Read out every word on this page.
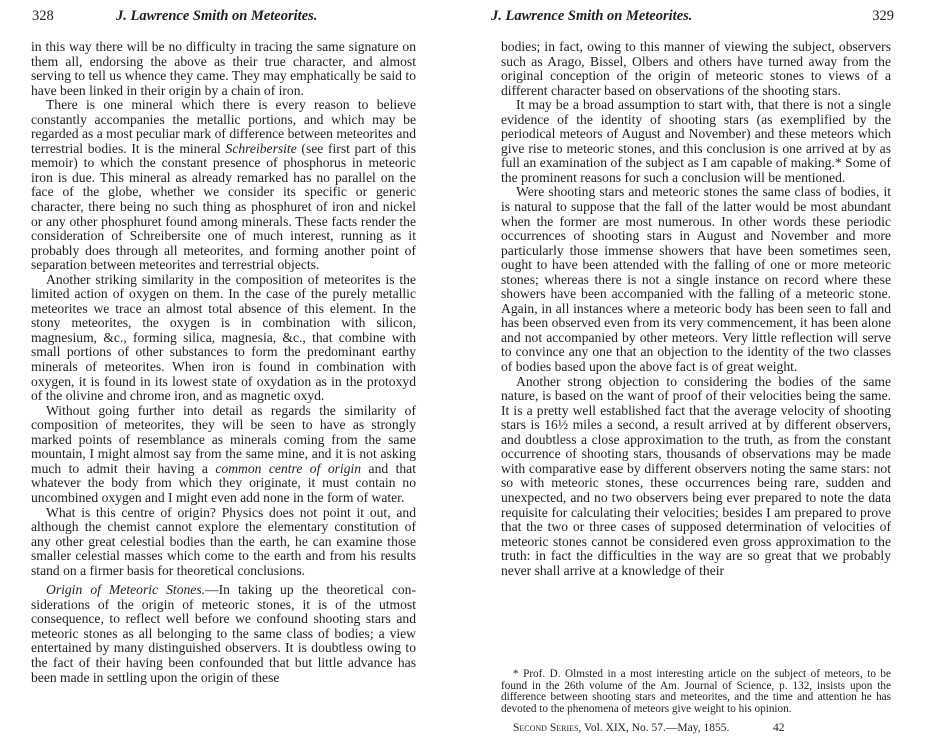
328	J. Lawrence Smith on Meteorites.

in this way there will be no difficulty in tracing the same signature on them all, endorsing the above as their true character, and almost serving to tell us whence they came. They may emphatically be said to have been linked in their origin by a chain of iron.

There is one mineral which there is every reason to believe constantly accompanies the metallic portions, and which may be regarded as a most peculiar mark of difference between meteorites and terrestrial bodies. It is the mineral Schreibersite (see first part of this memoir) to which the constant presence of phosphorus in meteoric iron is due. This mineral as already remarked has no parallel on the face of the globe, whether we consider its specific or generic character, there being no such thing as phosphuret of iron and nickel or any other phosphuret found among minerals. These facts render the consideration of Schreibersite one of much interest, running as it probably does through all meteorites, and forming another point of separation between meteorites and terrestrial objects.

Another striking similarity in the composition of meteorites is the limited action of oxygen on them. In the case of the purely metallic meteorites we trace an almost total absence of this element. In the stony meteorites, the oxygen is in combination with silicon, magnesium, &c., forming silica, magnesia, &c., that combine with small portions of other substances to form the predominant earthy minerals of meteorites. When iron is found in combination with oxygen, it is found in its lowest state of oxydation as in the protoxyd of the olivine and chrome iron, and as magnetic oxyd.

Without going further into detail as regards the similarity of composition of meteorites, they will be seen to have as strongly marked points of resemblance as minerals coming from the same mountain, I might almost say from the same mine, and it is not asking much to admit their having a common centre of origin and that whatever the body from which they originate, it must contain no uncombined oxygen and I might even add none in the form of water.

What is this centre of origin? Physics does not point it out, and although the chemist cannot explore the elementary constitution of any other great celestial bodies than the earth, he can examine those smaller celestial masses which come to the earth and from his results stand on a firmer basis for theoretical conclusions.

Origin of Meteoric Stones.—In taking up the theoretical considerations of the origin of meteoric stones, it is of the utmost consequence, to reflect well before we confound shooting stars and meteoric stones as all belonging to the same class of bodies; a view entertained by many distinguished observers. It is doubtless owing to the fact of their having been confounded that but little advance has been made in settling upon the origin of these

J. Lawrence Smith on Meteorites.	329

bodies; in fact, owing to this manner of viewing the subject, observers such as Arago, Bissel, Olbers and others have turned away from the original conception of the origin of meteoric stones to views of a different character based on observations of the shooting stars.

It may be a broad assumption to start with, that there is not a single evidence of the identity of shooting stars (as exemplified by the periodical meteors of August and November) and these meteors which give rise to meteoric stones, and this conclusion is one arrived at by as full an examination of the subject as I am capable of making.* Some of the prominent reasons for such a conclusion will be mentioned.

Were shooting stars and meteoric stones the same class of bodies, it is natural to suppose that the fall of the latter would be most abundant when the former are most numerous. In other words these periodic occurrences of shooting stars in August and November and more particularly those immense showers that have been sometimes seen, ought to have been attended with the falling of one or more meteoric stones; whereas there is not a single instance on record where these showers have been accompanied with the falling of a meteoric stone. Again, in all instances where a meteoric body has been seen to fall and has been observed even from its very commencement, it has been alone and not accompanied by other meteors. Very little reflection will serve to convince any one that an objection to the identity of the two classes of bodies based upon the above fact is of great weight.

Another strong objection to considering the bodies of the same nature, is based on the want of proof of their velocities being the same. It is a pretty well established fact that the average velocity of shooting stars is 16½ miles a second, a result arrived at by different observers, and doubtless a close approximation to the truth, as from the constant occurrence of shooting stars, thousands of observations may be made with comparative ease by different observers noting the same stars: not so with meteoric stones, these occurrences being rare, sudden and unexpected, and no two observers being ever prepared to note the data requisite for calculating their velocities; besides I am prepared to prove that the two or three cases of supposed determination of velocities of meteoric stones cannot be considered even gross approximation to the truth: in fact the difficulties in the way are so great that we probably never shall arrive at a knowledge of their

* Prof. D. Olmsted in a most interesting article on the subject of meteors, to be found in the 26th volume of the Am. Journal of Science, p. 132, insists upon the difference between shooting stars and meteorites, and the time and attention he has devoted to the phenomena of meteors give weight to his opinion.

Second Series, Vol. XIX, No. 57.—May, 1855.	42
